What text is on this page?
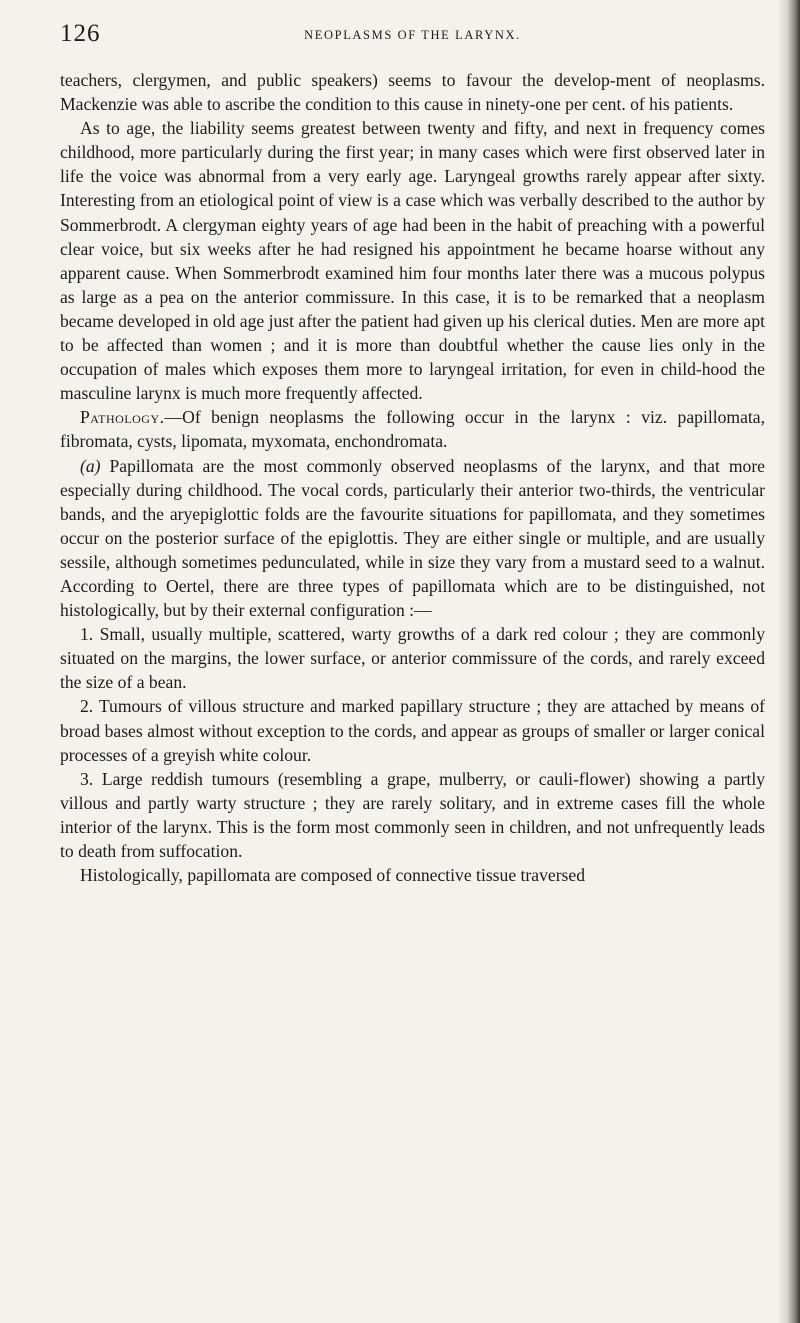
126	NEOPLASMS OF THE LARYNX.

teachers, clergymen, and public speakers) seems to favour the develop-ment of neoplasms. Mackenzie was able to ascribe the condition to this cause in ninety-one per cent. of his patients.

As to age, the liability seems greatest between twenty and fifty, and next in frequency comes childhood, more particularly during the first year; in many cases which were first observed later in life the voice was abnormal from a very early age. Laryngeal growths rarely appear after sixty. Interesting from an etiological point of view is a case which was verbally described to the author by Sommerbrodt. A clergyman eighty years of age had been in the habit of preaching with a powerful clear voice, but six weeks after he had resigned his appointment he became hoarse without any apparent cause. When Sommerbrodt examined him four months later there was a mucous polypus as large as a pea on the anterior commissure. In this case, it is to be remarked that a neoplasm became developed in old age just after the patient had given up his clerical duties. Men are more apt to be affected than women ; and it is more than doubtful whether the cause lies only in the occupation of males which exposes them more to laryngeal irritation, for even in child-hood the masculine larynx is much more frequently affected.

Pathology.—Of benign neoplasms the following occur in the larynx : viz. papillomata, fibromata, cysts, lipomata, myxomata, enchondromata.

(a) Papillomata are the most commonly observed neoplasms of the larynx, and that more especially during childhood. The vocal cords, particularly their anterior two-thirds, the ventricular bands, and the aryepiglottic folds are the favourite situations for papillomata, and they sometimes occur on the posterior surface of the epiglottis. They are either single or multiple, and are usually sessile, although sometimes pedunculated, while in size they vary from a mustard seed to a walnut. According to Oertel, there are three types of papillomata which are to be distinguished, not histologically, but by their external configuration :—

1. Small, usually multiple, scattered, warty growths of a dark red colour ; they are commonly situated on the margins, the lower surface, or anterior commissure of the cords, and rarely exceed the size of a bean.

2. Tumours of villous structure and marked papillary structure ; they are attached by means of broad bases almost without exception to the cords, and appear as groups of smaller or larger conical processes of a greyish white colour.

3. Large reddish tumours (resembling a grape, mulberry, or cauli-flower) showing a partly villous and partly warty structure ; they are rarely solitary, and in extreme cases fill the whole interior of the larynx. This is the form most commonly seen in children, and not unfrequently leads to death from suffocation.

Histologically, papillomata are composed of connective tissue traversed
